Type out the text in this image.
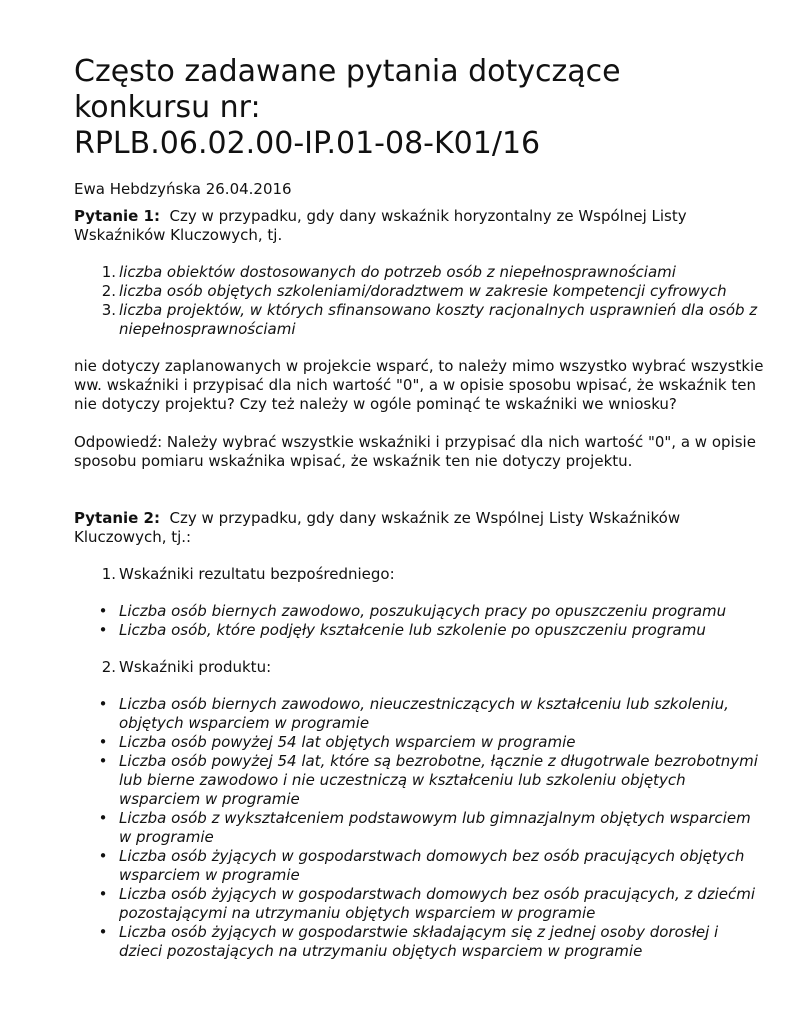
Często zadawane pytania dotyczące
konkursu nr:
RPLB.06.02.00-IP.01-08-K01/16

Ewa Hebdzyńska 26.04.2016

Pytanie 1: Czy w przypadku, gdy dany wskaźnik horyzontalny ze Wspólnej Listy Wskaźników Kluczowych, tj.

1. liczba obiektów dostosowanych do potrzeb osób z niepełnosprawnościami
2. liczba osób objętych szkoleniami/doradztwem w zakresie kompetencji cyfrowych
3. liczba projektów, w których sfinansowano koszty racjonalnych usprawnień dla osób z niepełnosprawnościami

nie dotyczy zaplanowanych w projekcie wsparć, to należy mimo wszystko wybrać wszystkie ww. wskaźniki i przypisać dla nich wartość "0", a w opisie sposobu wpisać, że wskaźnik ten nie dotyczy projektu? Czy też należy w ogóle pominąć te wskaźniki we wniosku?

Odpowiedź: Należy wybrać wszystkie wskaźniki i przypisać dla nich wartość "0", a w opisie sposobu pomiaru wskaźnika wpisać, że wskaźnik ten nie dotyczy projektu.

Pytanie 2: Czy w przypadku, gdy dany wskaźnik ze Wspólnej Listy Wskaźników Kluczowych, tj.:

1. Wskaźniki rezultatu bezpośredniego:
• Liczba osób biernych zawodowo, poszukujących pracy po opuszczeniu programu
• Liczba osób, które podjęły kształcenie lub szkolenie po opuszczeniu programu
2. Wskaźniki produktu:
• Liczba osób biernych zawodowo, nieuczestniczących w kształceniu lub szkoleniu, objętych wsparciem w programie
• Liczba osób powyżej 54 lat objętych wsparciem w programie
• Liczba osób powyżej 54 lat, które są bezrobotne, łącznie z długotrwale bezrobotnymi lub bierne zawodowo i nie uczestniczą w kształceniu lub szkoleniu objętych wsparciem w programie
• Liczba osób z wykształceniem podstawowym lub gimnazjalnym objętych wsparciem w programie
• Liczba osób żyjących w gospodarstwach domowych bez osób pracujących objętych wsparciem w programie
• Liczba osób żyjących w gospodarstwach domowych bez osób pracujących, z dziećmi pozostającymi na utrzymaniu objętych wsparciem w programie
• Liczba osób żyjących w gospodarstwie składającym się z jednej osoby dorosłej i dzieci pozostających na utrzymaniu objętych wsparciem w programie
